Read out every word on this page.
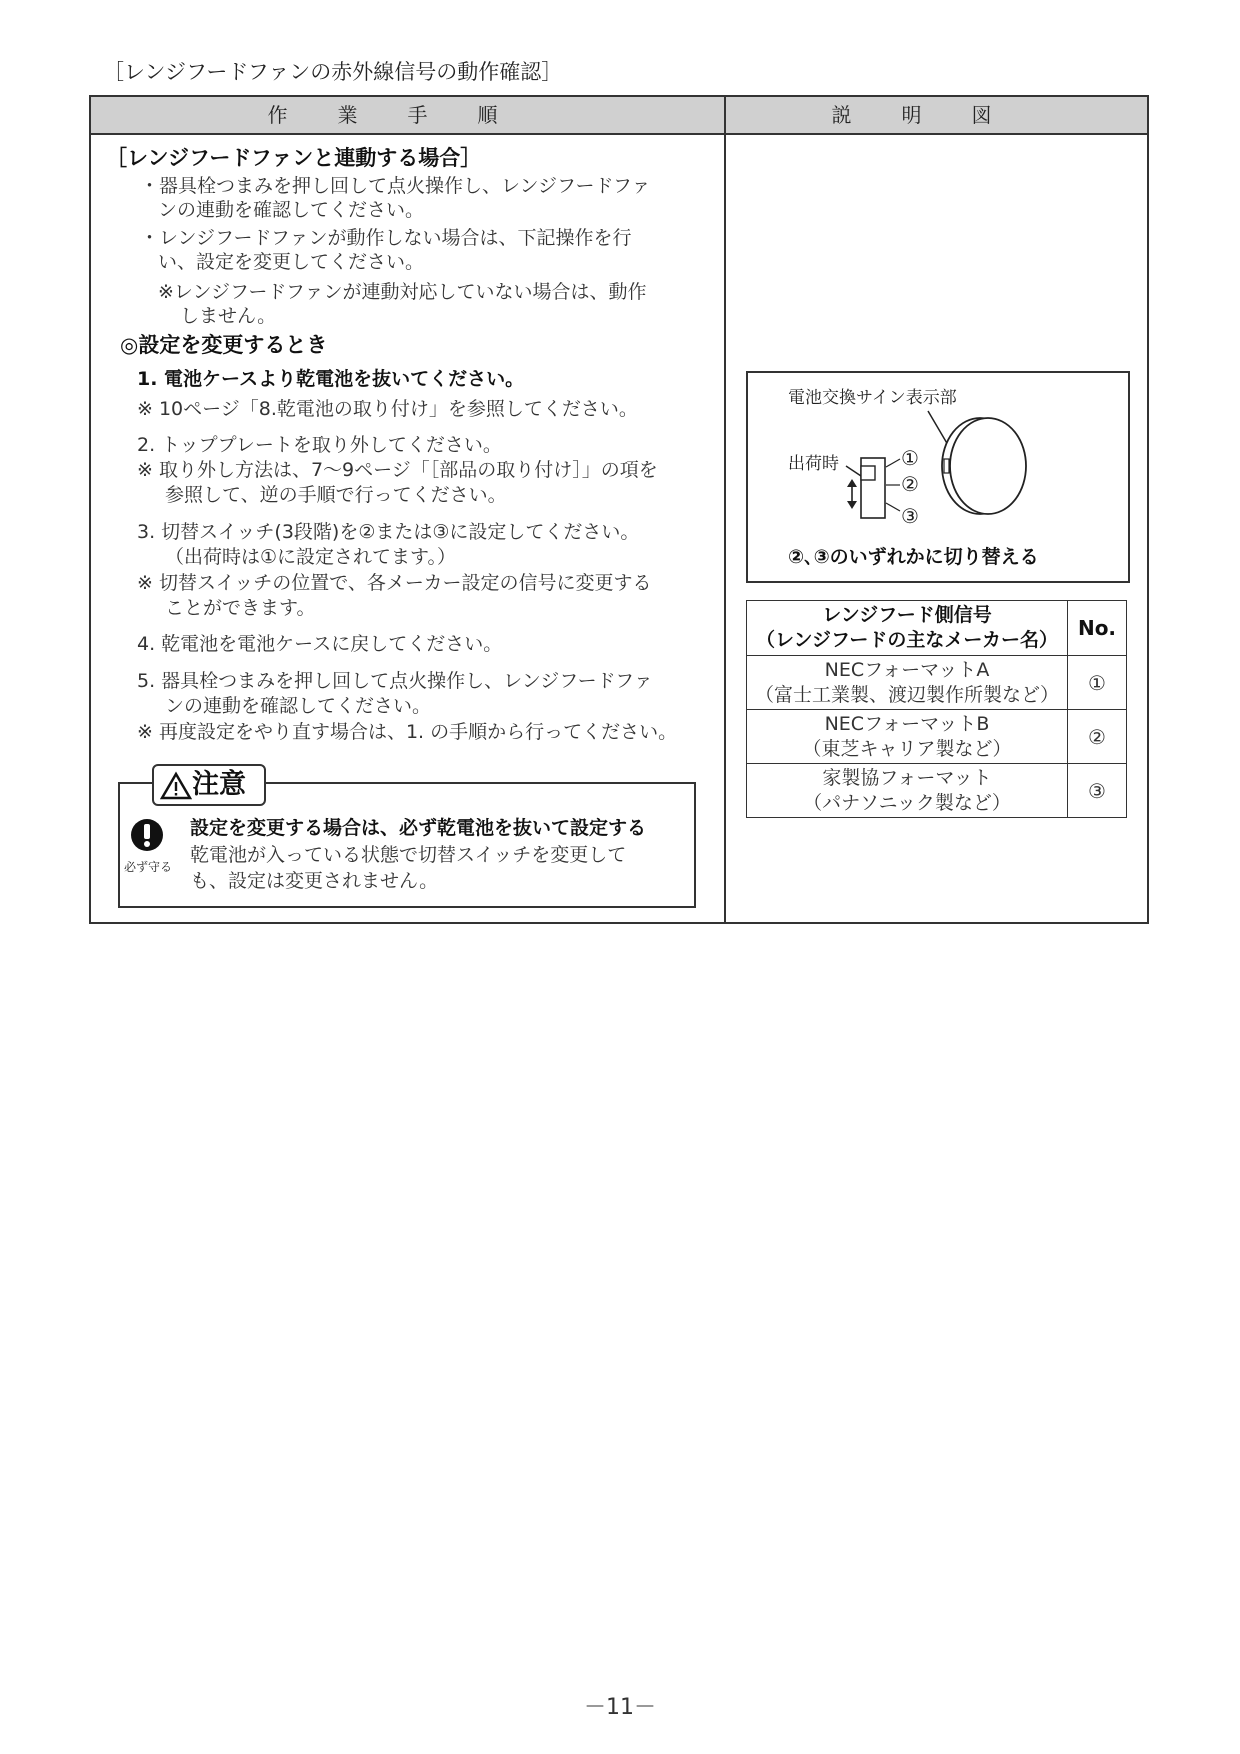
［レンジフードファンの赤外線信号の動作確認］
作業手順	説明図
［レンジフードファンと連動する場合］
・器具栓つまみを押し回して点火操作し、レンジフードファ
ンの連動を確認してください。
・レンジフードファンが動作しない場合は、下記操作を行
い、設定を変更してください。
※レンジフードファンが連動対応していない場合は、動作
しません。
◎設定を変更するとき
1. 電池ケースより乾電池を抜いてください。
※ 10ページ「8.乾電池の取り付け」を参照してください。
2. トッププレートを取り外してください。
※ 取り外し方法は、7〜9ページ「［部品の取り付け］」の項を
参照して、逆の手順で行ってください。
3. 切替スイッチ(3段階)を②または③に設定してください。
（出荷時は①に設定されてます。）
※ 切替スイッチの位置で、各メーカー設定の信号に変更する
ことができます。
4. 乾電池を電池ケースに戻してください。
5. 器具栓つまみを押し回して点火操作し、レンジフードファ
ンの連動を確認してください。
※ 再度設定をやり直す場合は、1. の手順から行ってください。
注意
必ず守る
設定を変更する場合は、必ず乾電池を抜いて設定する
乾電池が入っている状態で切替スイッチを変更して
も、設定は変更されません。
電池交換サイン表示部
出荷時	①
②
③
②､③のいずれかに切り替える
レンジフード側信号
（レンジフードの主なメーカー名）	No.

NECフォーマットA
（富士工業製、渡辺製作所製など）	①

NECフォーマットB
（東芝キャリア製など）	②

家製協フォーマット
（パナソニック製など）	③
－11－
